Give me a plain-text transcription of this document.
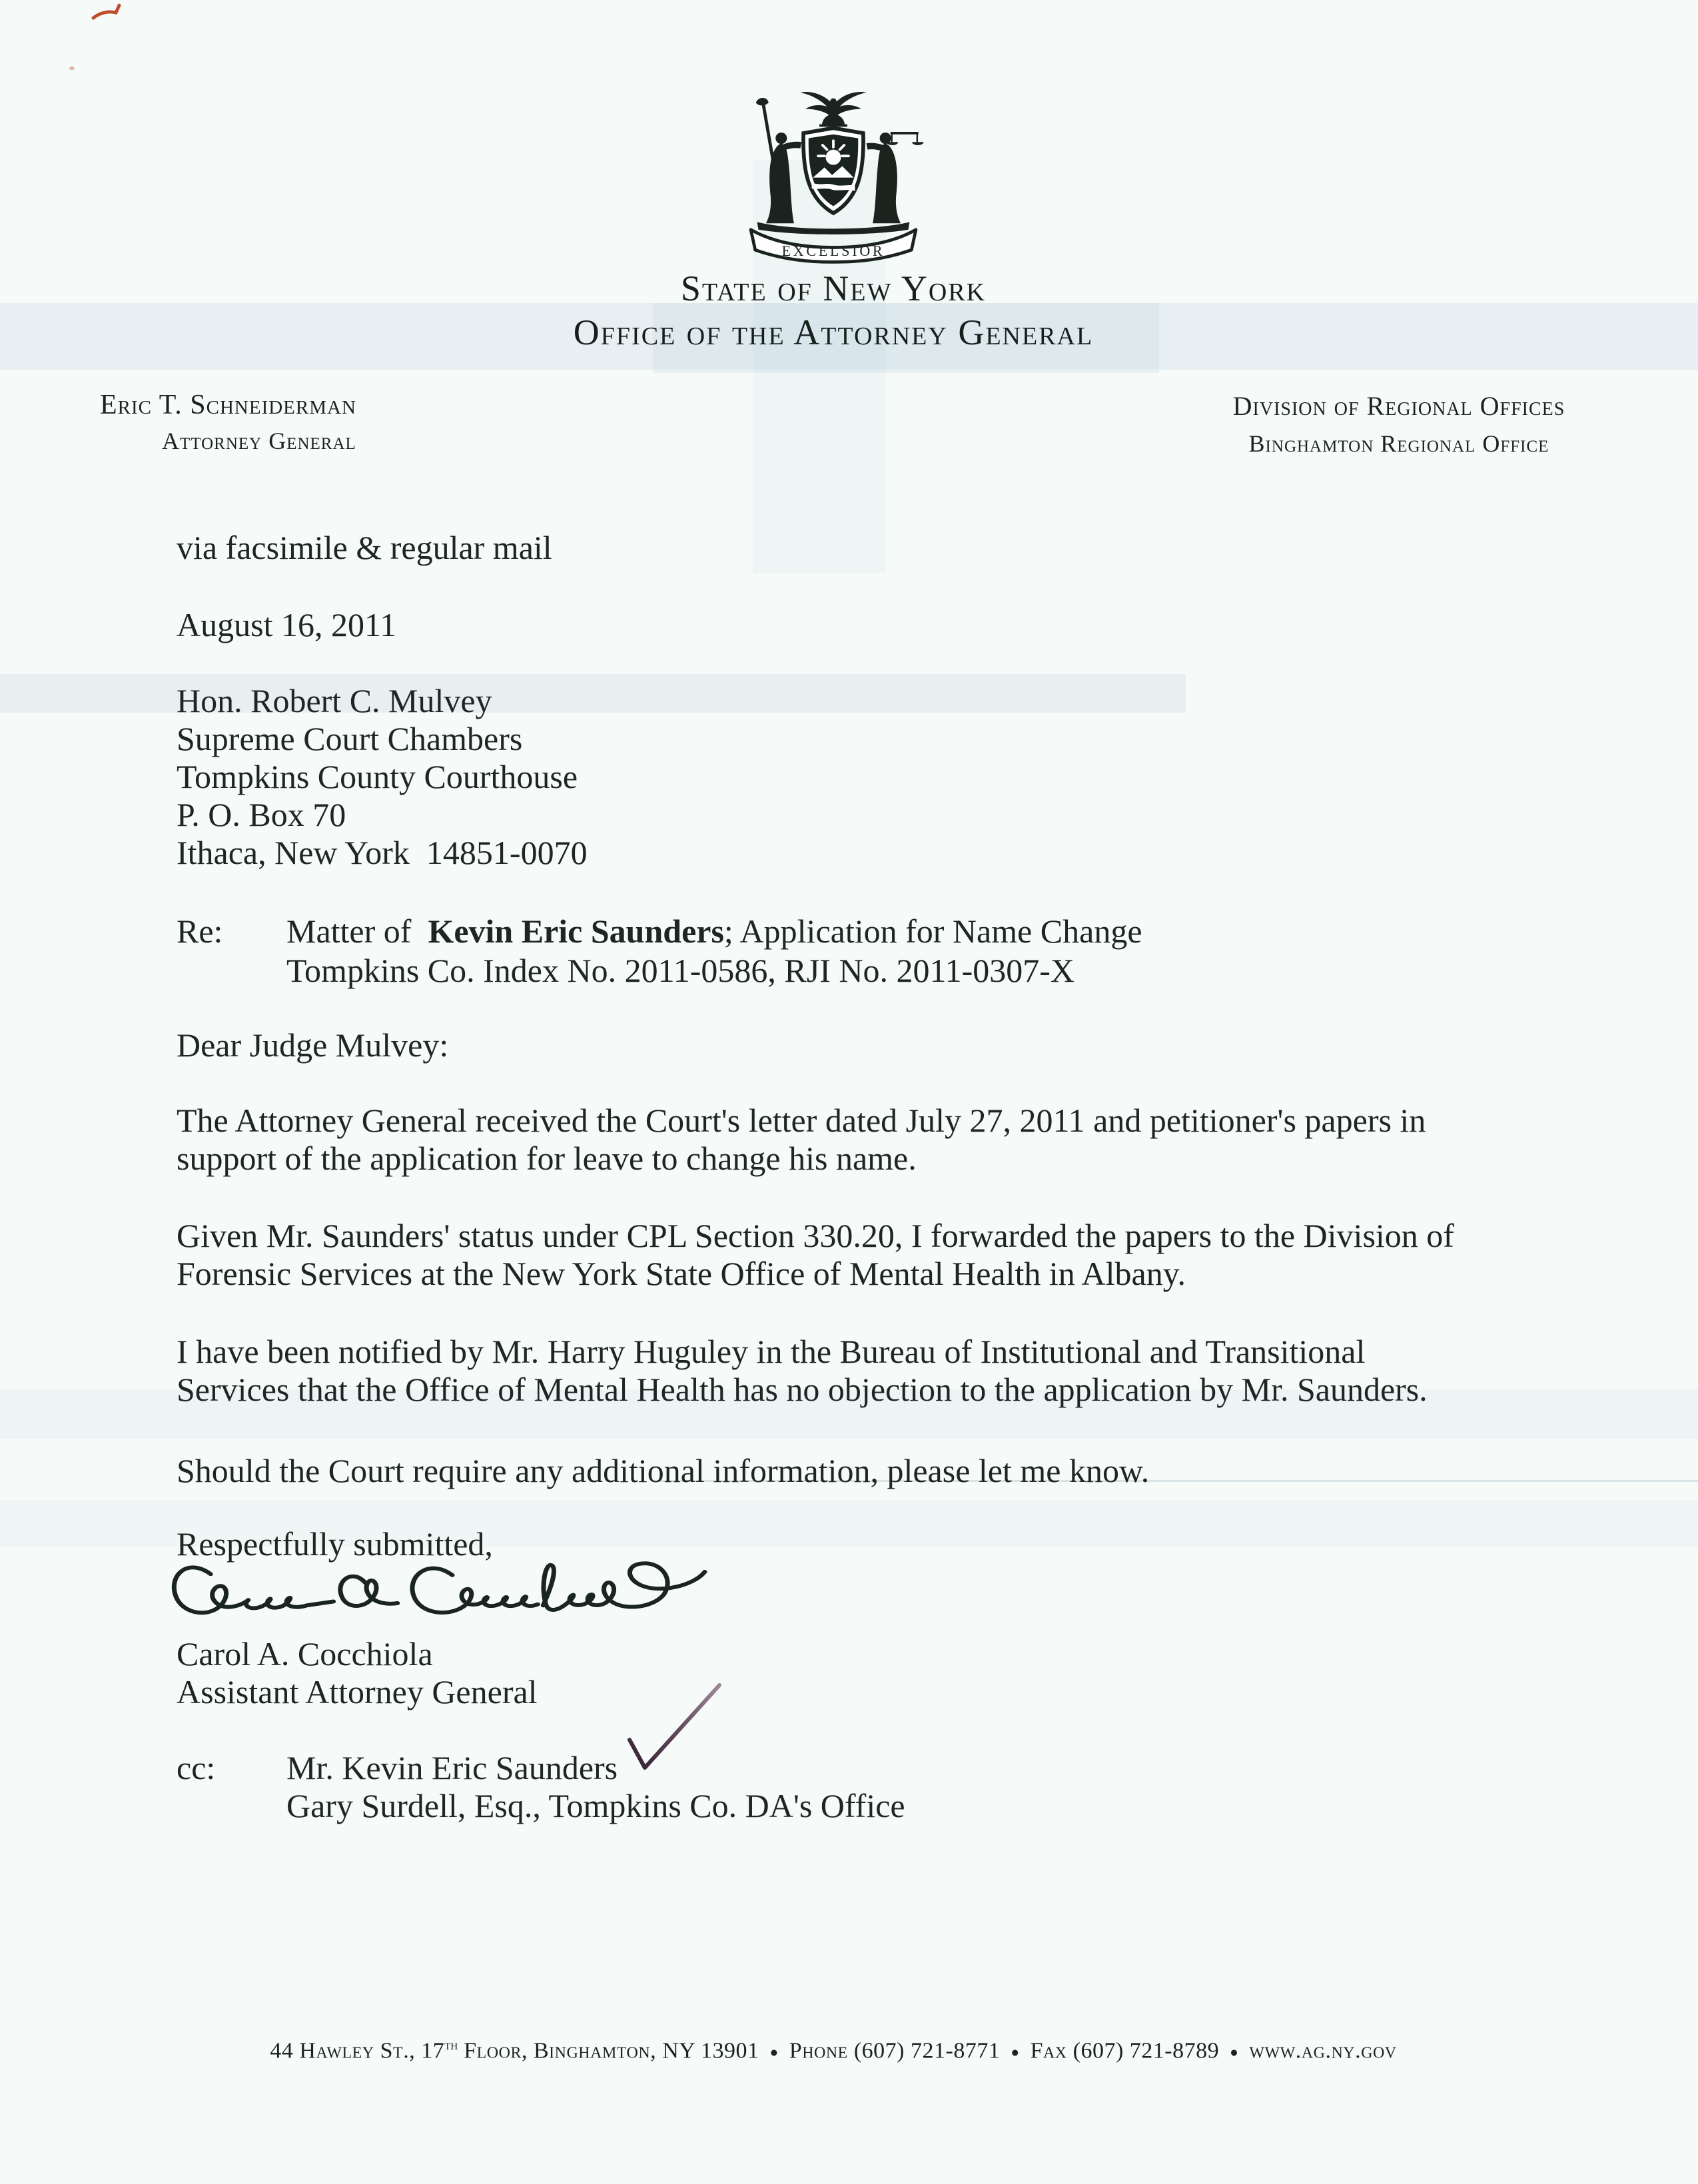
EXCELSIOR
State of New York
Office of the Attorney General
Eric T. Schneiderman
Attorney General
Division of Regional Offices
Binghamton Regional Office
via facsimile & regular mail
August 16, 2011
Hon. Robert C. Mulvey
Supreme Court Chambers
Tompkins County Courthouse
P. O. Box 70
Ithaca, New York  14851-0070
Re: Matter of  Kevin Eric Saunders; Application for Name Change
Tompkins Co. Index No. 2011-0586, RJI No. 2011-0307-X
Dear Judge Mulvey:
The Attorney General received the Court's letter dated July 27, 2011 and petitioner's papers in
support of the application for leave to change his name.
Given Mr. Saunders' status under CPL Section 330.20, I forwarded the papers to the Division of
Forensic Services at the New York State Office of Mental Health in Albany.
I have been notified by Mr. Harry Huguley in the Bureau of Institutional and Transitional
Services that the Office of Mental Health has no objection to the application by Mr. Saunders.
Should the Court require any additional information, please let me know.
Respectfully submitted,
Carol A. Cocchiola
Assistant Attorney General
cc: Mr. Kevin Eric Saunders
Gary Surdell, Esq., Tompkins Co. DA's Office
44 Hawley St., 17th Floor, Binghamton, NY 13901 ● Phone (607) 721-8771 ● Fax (607) 721-8789 ● www.ag.ny.gov
